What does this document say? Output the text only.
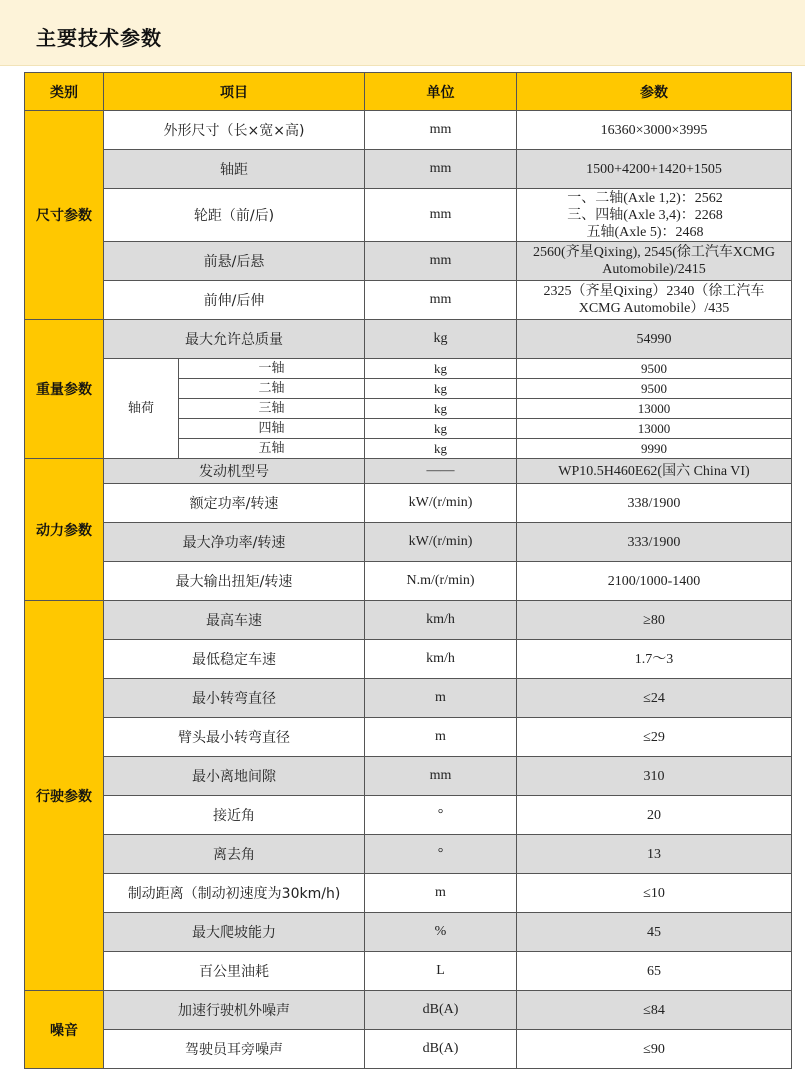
主要技术参数
类别	项目		单位	参数
尺寸参数	外形尺寸（长×宽×高)		mm	16360×3000×3995
	轴距		mm	1500+4200+1420+1505
	轮距（前/后)		mm	一、二轴(Axle 1,2)：2562
三、四轴(Axle 3,4)：2268
五轴(Axle 5)：2468

	前悬/后悬		mm	2560(齐星Qixing), 2545(徐工汽车XCMG
Automobile)/2415

	前伸/后伸		mm	2325（齐星Qixing）2340（徐工汽车
XCMG Automobile）/435

重量参数	最大允许总质量		kg	54990
	轴荷	一轴	kg	9500
		二轴	kg	9500
		三轴	kg	13000
		四轴	kg	13000
		五轴	kg	9990
动力参数	发动机型号		——	WP10.5H460E62(国六 China VI)
	额定功率/转速		kW/(r/min)	338/1900
	最大净功率/转速		kW/(r/min)	333/1900
	最大输出扭矩/转速		N.m/(r/min)	2100/1000-1400
行驶参数	最高车速		km/h	≥80
	最低稳定车速		km/h	1.7～3
	最小转弯直径		m	≤24
	臂头最小转弯直径		m	≤29
	最小离地间隙		mm	310
	接近角		°	20
	离去角		°	13
	制动距离（制动初速度为30km/h)		m	≤10
	最大爬坡能力		%	45
	百公里油耗		L	65
噪音	加速行驶机外噪声		dB(A)	≤84
	驾驶员耳旁噪声		dB(A)	≤90
